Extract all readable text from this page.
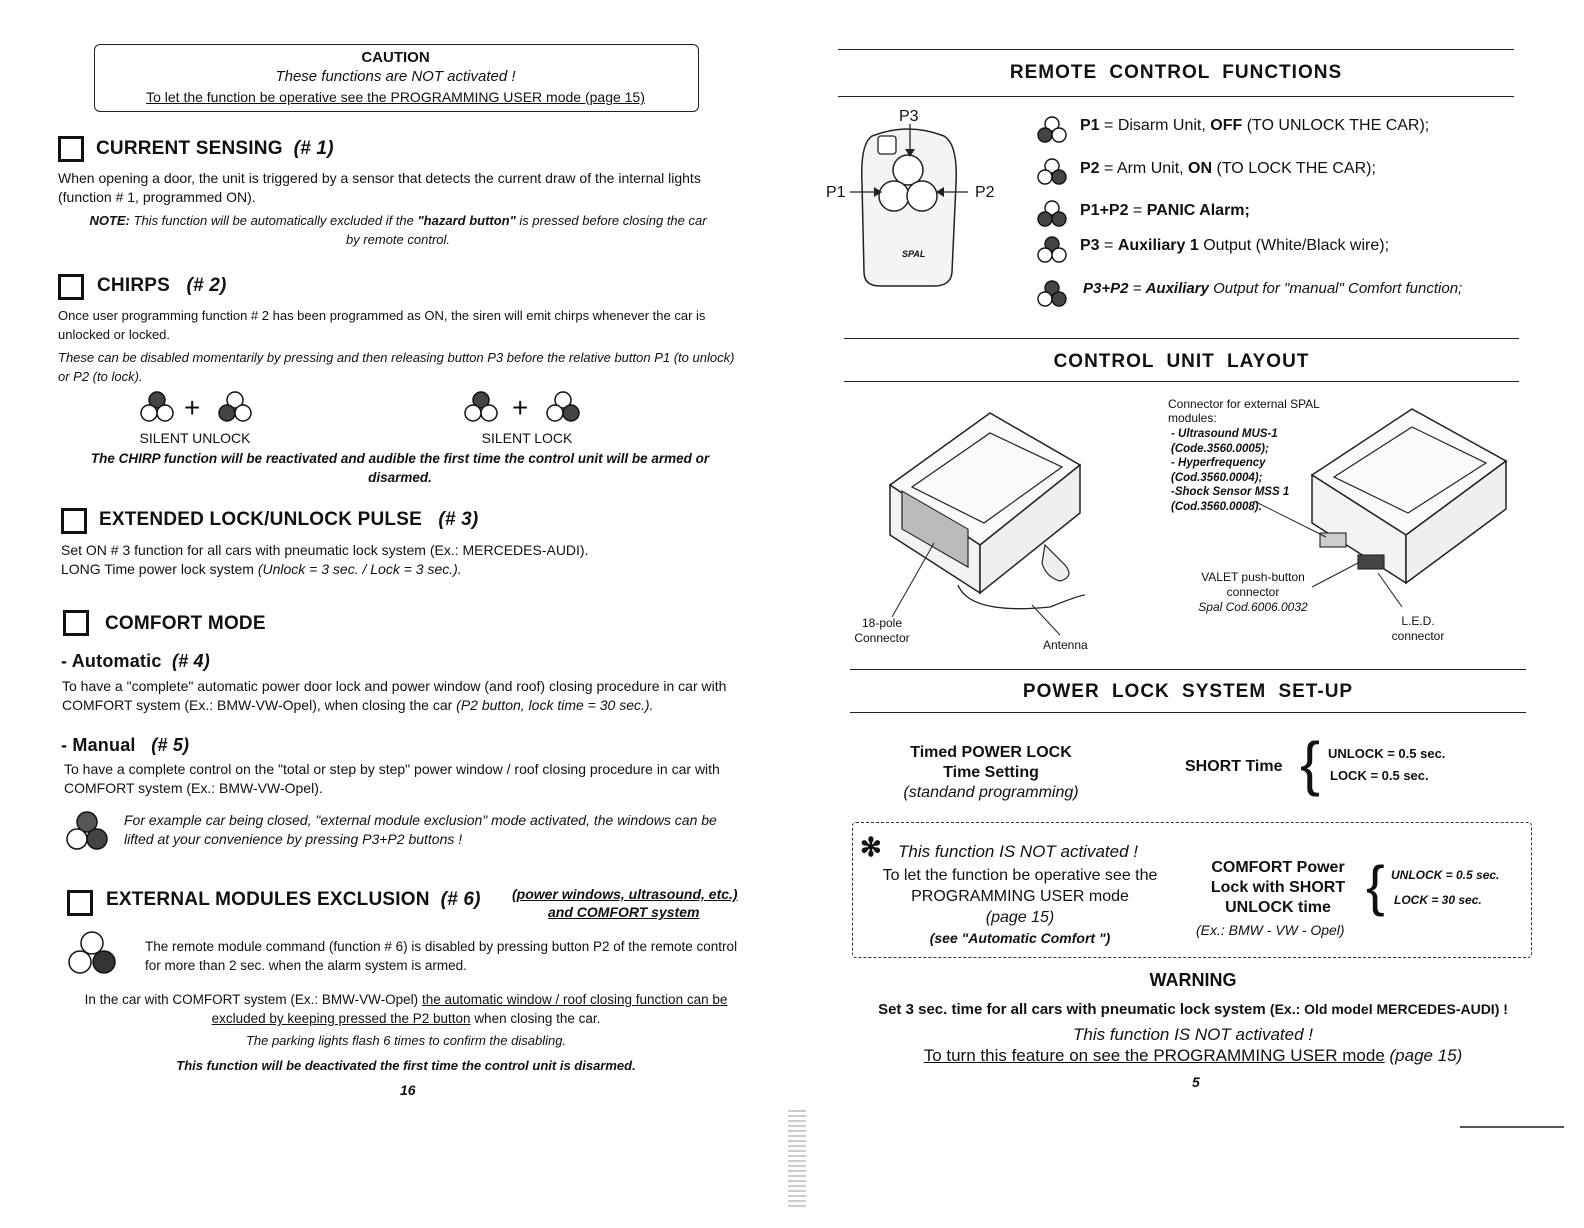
CAUTION
These functions are NOT activated !
To let the function be operative see the PROGRAMMING USER mode (page 15)
CURRENT SENSING (# 1)
When opening a door, the unit is triggered by a sensor that detects the current draw of the internal lights (function # 1, programmed ON).
NOTE: This function will be automatically excluded if the "hazard button" is pressed before closing the car
by remote control.
CHIRPS (# 2)
Once user programming function # 2 has been programmed as ON, the siren will emit chirps whenever the car is unlocked or locked.
These can be disabled momentarily by pressing and then releasing button P3 before the relative button P1 (to unlock) or P2 (to lock).
+
SILENT UNLOCK
+
SILENT LOCK
The CHIRP function will be reactivated and audible the first time the control unit will be armed or disarmed.
EXTENDED LOCK/UNLOCK PULSE (# 3)
Set ON # 3 function for all cars with pneumatic lock system (Ex.: MERCEDES-AUDI).
LONG Time power lock system (Unlock = 3 sec. / Lock = 3 sec.).
COMFORT MODE
- Automatic (# 4)
To have a "complete" automatic power door lock and power window (and roof) closing procedure in car with COMFORT system (Ex.: BMW-VW-Opel), when closing the car (P2 button, lock time = 30 sec.).
- Manual (# 5)
To have a complete control on the "total or step by step" power window / roof closing procedure in car with COMFORT system (Ex.: BMW-VW-Opel).
For example car being closed, "external module exclusion" mode activated, the windows can be lifted at your convenience by pressing P3+P2 buttons !
EXTERNAL MODULES EXCLUSION (# 6) (power windows, ultrasound, etc.)
and COMFORT system
The remote module command (function # 6) is disabled by pressing button P2 of the remote control for more than 2 sec. when the alarm system is armed.
In the car with COMFORT system (Ex.: BMW-VW-Opel) the automatic window / roof closing function can be excluded by keeping pressed the P2 button when closing the car.
The parking lights flash 6 times to confirm the disabling.
This function will be deactivated the first time the control unit is disarmed.
16
REMOTE CONTROL FUNCTIONS
P3
P1	P2
SPAL
P1 = Disarm Unit, OFF (TO UNLOCK THE CAR);
P2 = Arm Unit, ON (TO LOCK THE CAR);
P1+P2 = PANIC Alarm;
P3 = Auxiliary 1 Output (White/Black wire);
P3+P2 = Auxiliary Output for "manual" Comfort function;
CONTROL UNIT LAYOUT
Connector for external SPAL modules:
- Ultrasound MUS-1
(Code.3560.0005);
- Hyperfrequency
(Cod.3560.0004);
-Shock Sensor MSS 1
(Cod.3560.0008).
VALET push-button
connector
Spal Cod.6006.0032
18-pole
Connector	Antenna
L.E.D.
connector
POWER LOCK SYSTEM SET-UP
Timed POWER LOCK
Time Setting
(standand programming)
SHORT Time { UNLOCK = 0.5 sec.
LOCK = 0.5 sec.
✻ This function IS NOT activated !
To let the function be operative see the
PROGRAMMING USER mode
(page 15)
(see "Automatic Comfort ")
COMFORT Power
Lock with SHORT
UNLOCK time
(Ex.: BMW - VW - Opel)
{ UNLOCK = 0.5 sec.
LOCK = 30 sec.
WARNING
Set 3 sec. time for all cars with pneumatic lock system (Ex.: Old model MERCEDES-AUDI) !
This function IS NOT activated !
To turn this feature on see the PROGRAMMING USER mode (page 15)
5
